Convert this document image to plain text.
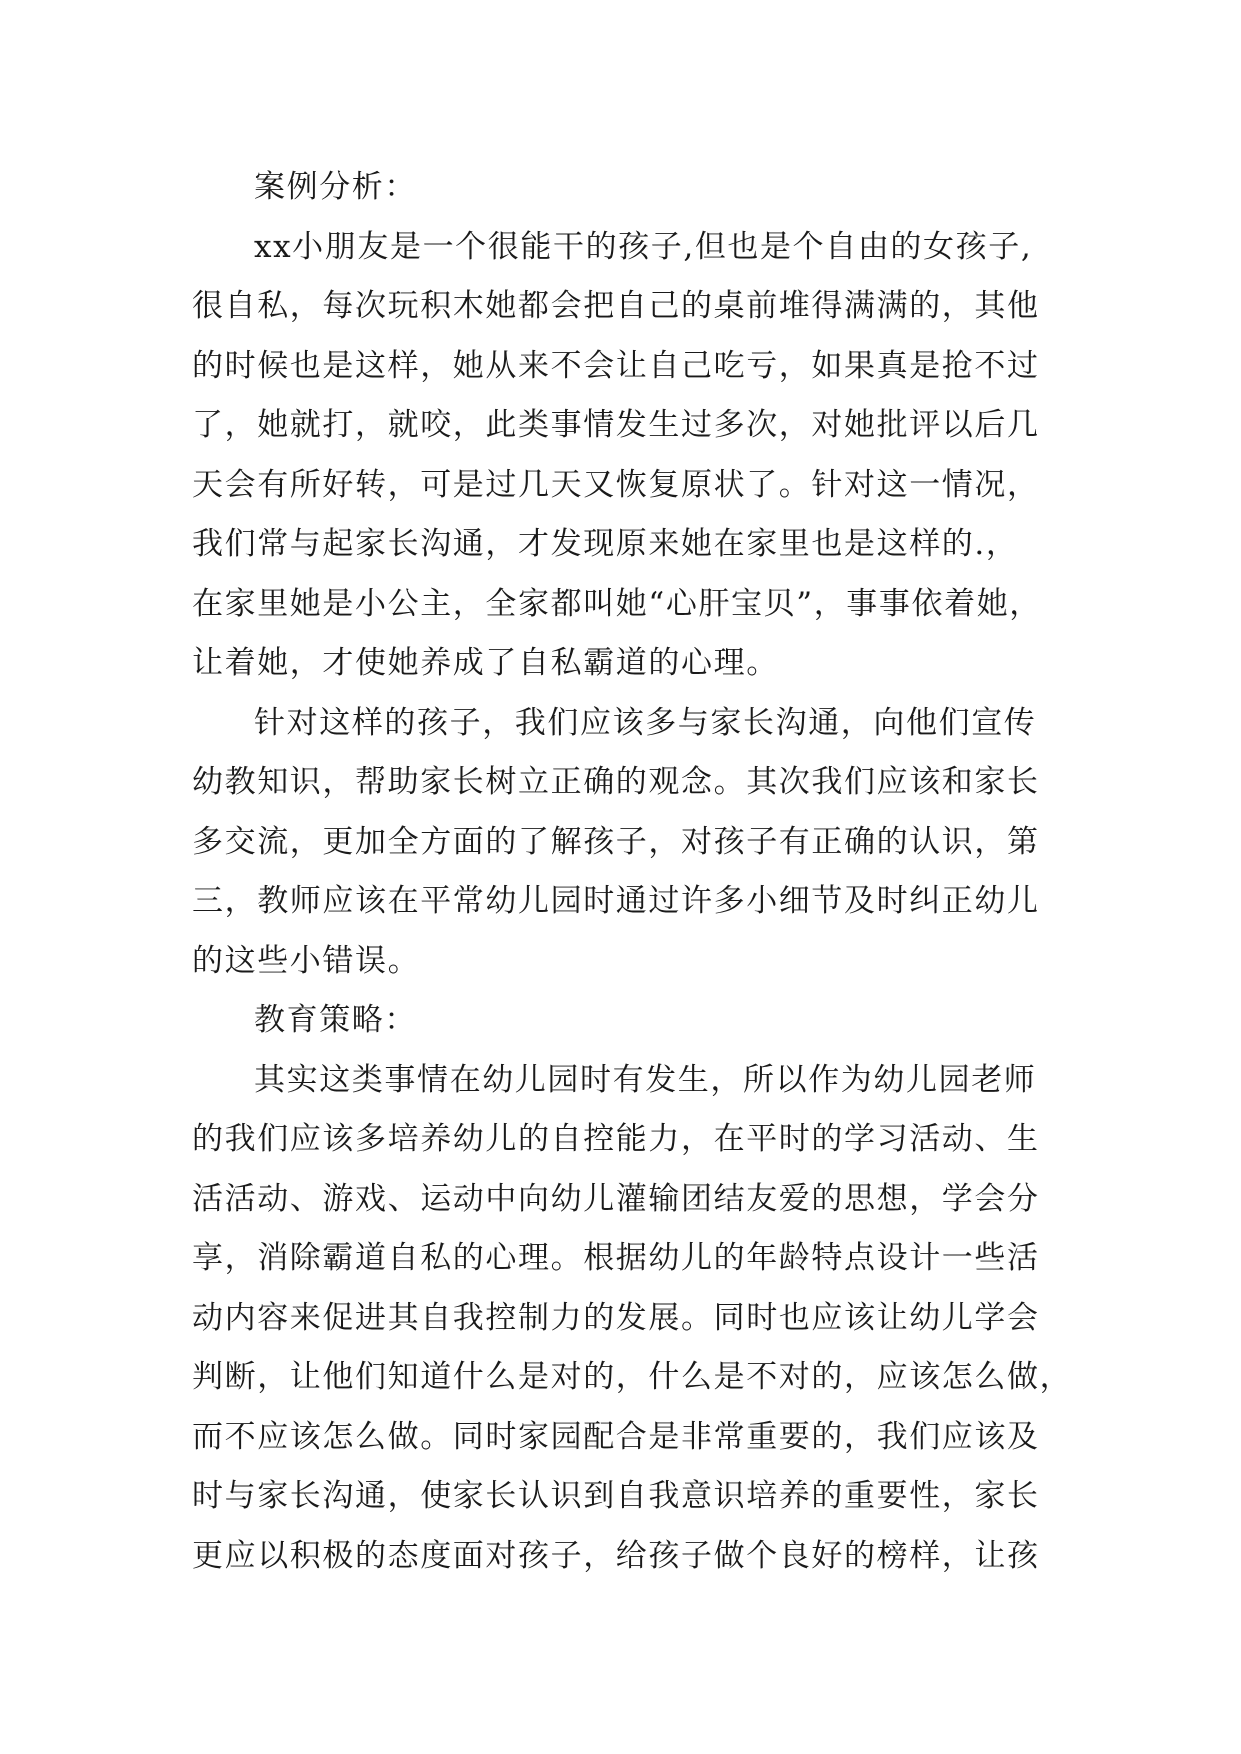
案例分析：
xx小朋友是一个很能干的孩子,但也是个自由的女孩子,
很自私，每次玩积木她都会把自己的桌前堆得满满的，其他
的时候也是这样，她从来不会让自己吃亏，如果真是抢不过
了，她就打，就咬，此类事情发生过多次，对她批评以后几
天会有所好转，可是过几天又恢复原状了。针对这一情况，
我们常与起家长沟通，才发现原来她在家里也是这样的.，
在家里她是小公主，全家都叫她“心肝宝贝”，事事依着她，
让着她，才使她养成了自私霸道的心理。
针对这样的孩子，我们应该多与家长沟通，向他们宣传
幼教知识，帮助家长树立正确的观念。其次我们应该和家长
多交流，更加全方面的了解孩子，对孩子有正确的认识，第
三，教师应该在平常幼儿园时通过许多小细节及时纠正幼儿
的这些小错误。
教育策略：
其实这类事情在幼儿园时有发生，所以作为幼儿园老师
的我们应该多培养幼儿的自控能力，在平时的学习活动、生
活活动、游戏、运动中向幼儿灌输团结友爱的思想，学会分
享，消除霸道自私的心理。根据幼儿的年龄特点设计一些活
动内容来促进其自我控制力的发展。同时也应该让幼儿学会
判断，让他们知道什么是对的，什么是不对的，应该怎么做，
而不应该怎么做。同时家园配合是非常重要的，我们应该及
时与家长沟通，使家长认识到自我意识培养的重要性，家长
更应以积极的态度面对孩子，给孩子做个良好的榜样，让孩
